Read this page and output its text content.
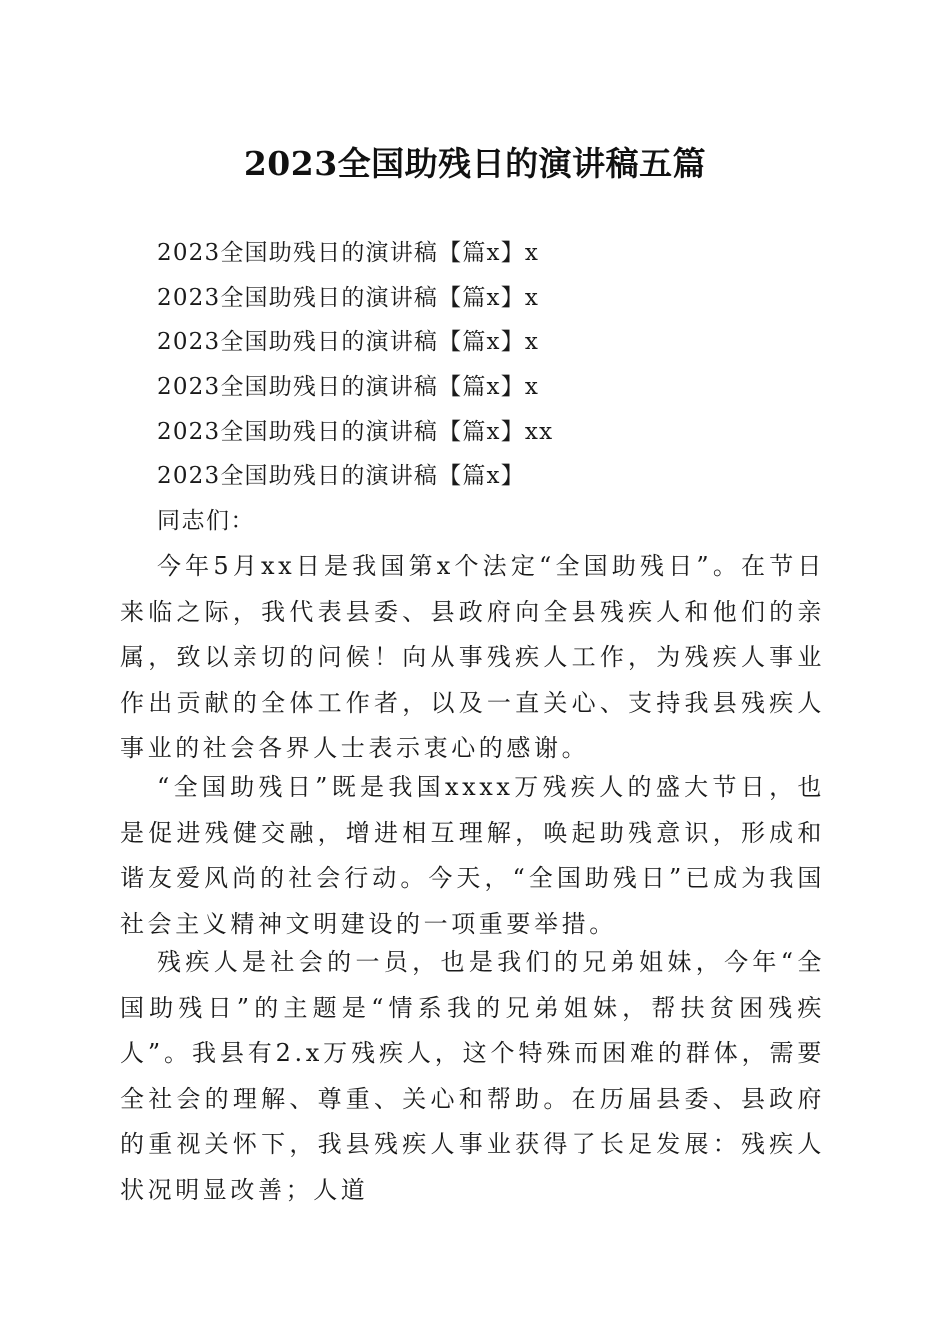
2023全国助残日的演讲稿五篇
2023全国助残日的演讲稿【篇x】x
2023全国助残日的演讲稿【篇x】x
2023全国助残日的演讲稿【篇x】x
2023全国助残日的演讲稿【篇x】x
2023全国助残日的演讲稿【篇x】xx
2023全国助残日的演讲稿【篇x】

同志们：

今年5月xx日是我国第x个法定“全国助残日”。在节日来临之际，我代表县委、县政府向全县残疾人和他们的亲属，致以亲切的问候！向从事残疾人工作，为残疾人事业作出贡献的全体工作者，以及一直关心、支持我县残疾人事业的社会各界人士表示衷心的感谢。

“全国助残日”既是我国xxxx万残疾人的盛大节日，也是促进残健交融，增进相互理解，唤起助残意识，形成和谐友爱风尚的社会行动。今天，“全国助残日”已成为我国社会主义精神文明建设的一项重要举措。

残疾人是社会的一员，也是我们的兄弟姐妹，今年“全国助残日”的主题是“情系我的兄弟姐妹，帮扶贫困残疾人”。我县有2.x万残疾人，这个特殊而困难的群体，需要全社会的理解、尊重、关心和帮助。在历届县委、县政府的重视关怀下，我县残疾人事业获得了长足发展：残疾人状况明显改善；人道
